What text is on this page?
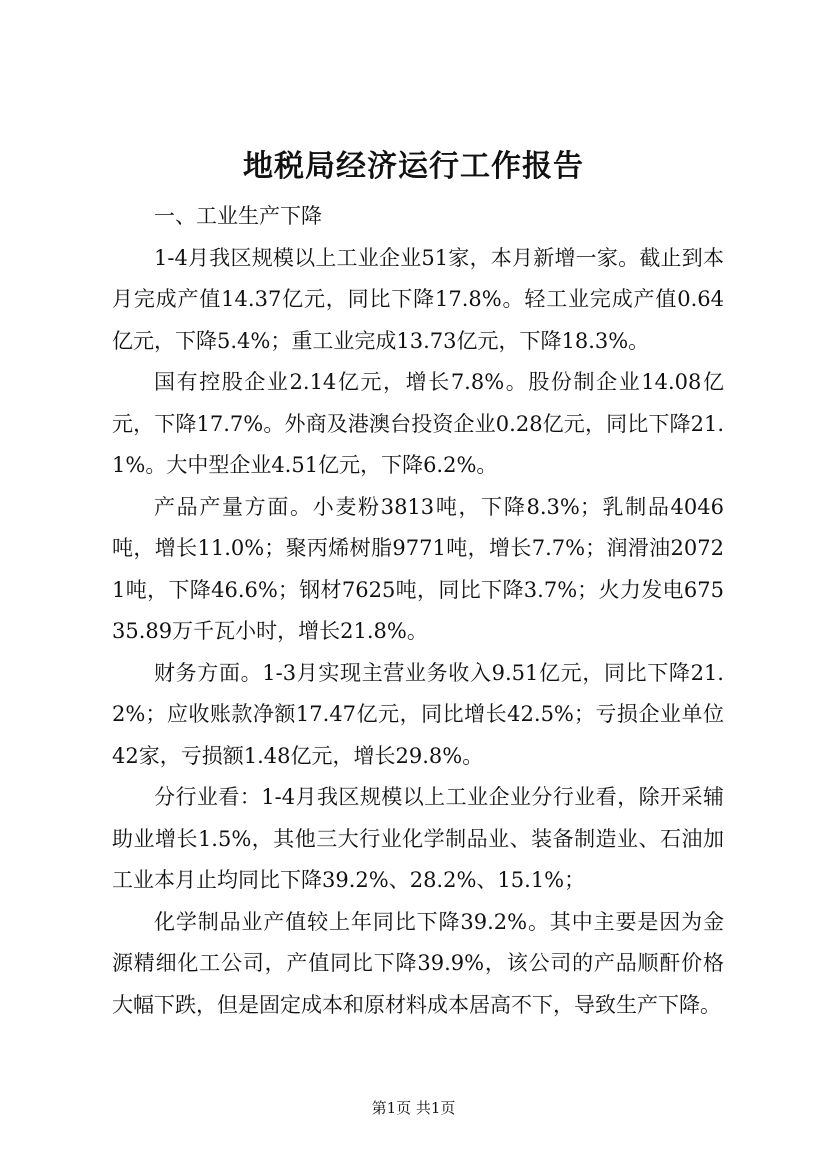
地税局经济运行工作报告

一、工业生产下降

1-4月我区规模以上工业企业51家，本月新增一家。截止到本月完成产值14.37亿元，同比下降17.8%。轻工业完成产值0.64亿元，下降5.4%；重工业完成13.73亿元，下降18.3%。

国有控股企业2.14亿元，增长7.8%。股份制企业14.08亿元，下降17.7%。外商及港澳台投资企业0.28亿元，同比下降21.1%。大中型企业4.51亿元，下降6.2%。

产品产量方面。小麦粉3813吨，下降8.3%；乳制品4046吨，增长11.0%；聚丙烯树脂9771吨，增长7.7%；润滑油20721吨，下降46.6%；钢材7625吨，同比下降3.7%；火力发电67535.89万千瓦小时，增长21.8%。

财务方面。1-3月实现主营业务收入9.51亿元，同比下降21.2%；应收账款净额17.47亿元，同比增长42.5%；亏损企业单位42家，亏损额1.48亿元，增长29.8%。

分行业看：1-4月我区规模以上工业企业分行业看，除开采辅助业增长1.5%，其他三大行业化学制品业、装备制造业、石油加工业本月止均同比下降39.2%、28.2%、15.1%；

化学制品业产值较上年同比下降39.2%。其中主要是因为金源精细化工公司，产值同比下降39.9%，该公司的产品顺酐价格大幅下跌，但是固定成本和原材料成本居高不下，导致生产下降。

第1页 共1页
